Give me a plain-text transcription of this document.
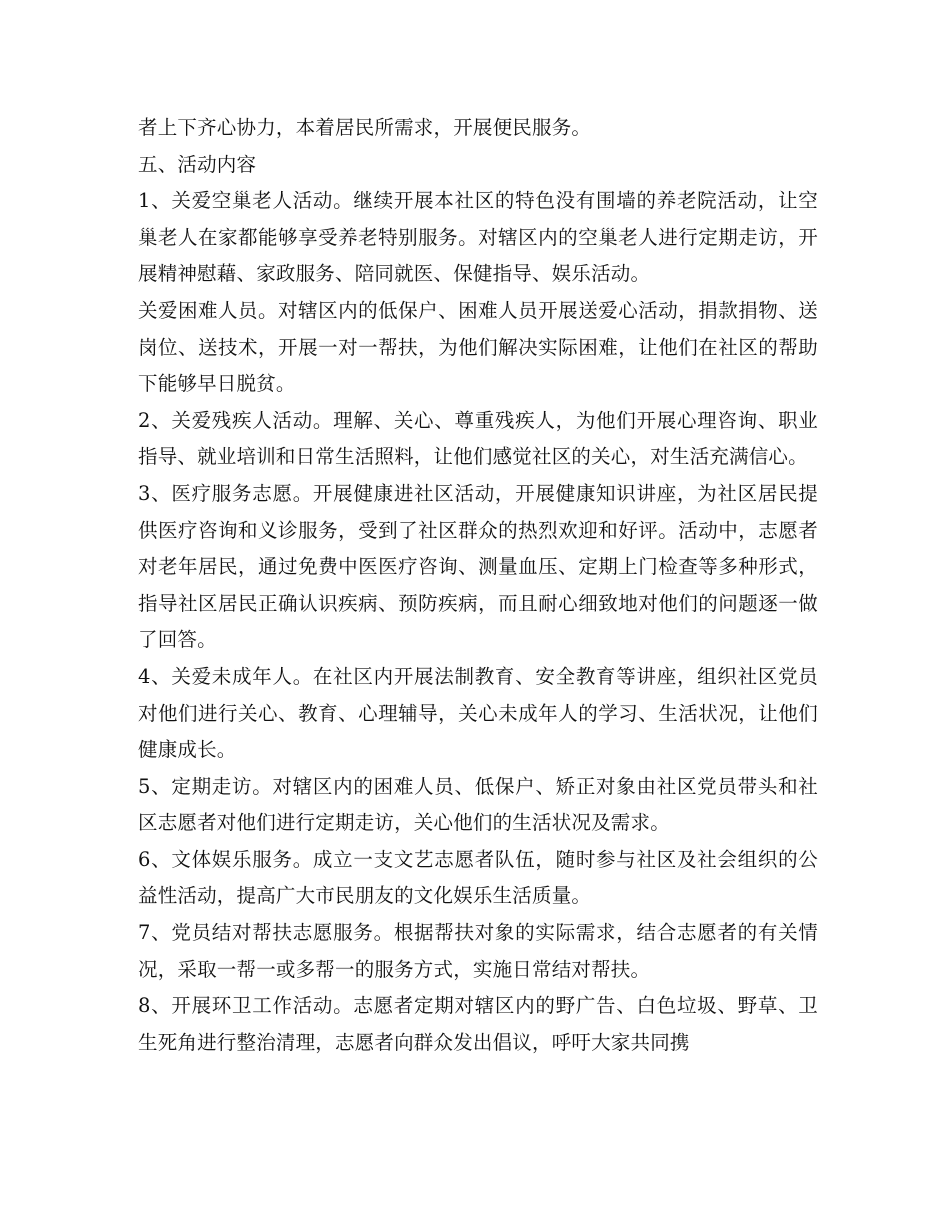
者上下齐心协力，本着居民所需求，开展便民服务。

五、活动内容

1、关爱空巢老人活动。继续开展本社区的特色没有围墙的养老院活动，让空巢老人在家都能够享受养老特别服务。对辖区内的空巢老人进行定期走访，开展精神慰藉、家政服务、陪同就医、保健指导、娱乐活动。

关爱困难人员。对辖区内的低保户、困难人员开展送爱心活动，捐款捐物、送岗位、送技术，开展一对一帮扶，为他们解决实际困难，让他们在社区的帮助下能够早日脱贫。

2、关爱残疾人活动。理解、关心、尊重残疾人，为他们开展心理咨询、职业指导、就业培训和日常生活照料，让他们感觉社区的关心，对生活充满信心。

3、医疗服务志愿。开展健康进社区活动，开展健康知识讲座，为社区居民提供医疗咨询和义诊服务，受到了社区群众的热烈欢迎和好评。活动中，志愿者对老年居民，通过免费中医医疗咨询、测量血压、定期上门检查等多种形式，指导社区居民正确认识疾病、预防疾病，而且耐心细致地对他们的问题逐一做了回答。

4、关爱未成年人。在社区内开展法制教育、安全教育等讲座，组织社区党员对他们进行关心、教育、心理辅导，关心未成年人的学习、生活状况，让他们健康成长。

5、定期走访。对辖区内的困难人员、低保户、矫正对象由社区党员带头和社区志愿者对他们进行定期走访，关心他们的生活状况及需求。

6、文体娱乐服务。成立一支文艺志愿者队伍，随时参与社区及社会组织的公益性活动，提高广大市民朋友的文化娱乐生活质量。

7、党员结对帮扶志愿服务。根据帮扶对象的实际需求，结合志愿者的有关情况，采取一帮一或多帮一的服务方式，实施日常结对帮扶。

8、开展环卫工作活动。志愿者定期对辖区内的野广告、白色垃圾、野草、卫生死角进行整治清理，志愿者向群众发出倡议，呼吁大家共同携
